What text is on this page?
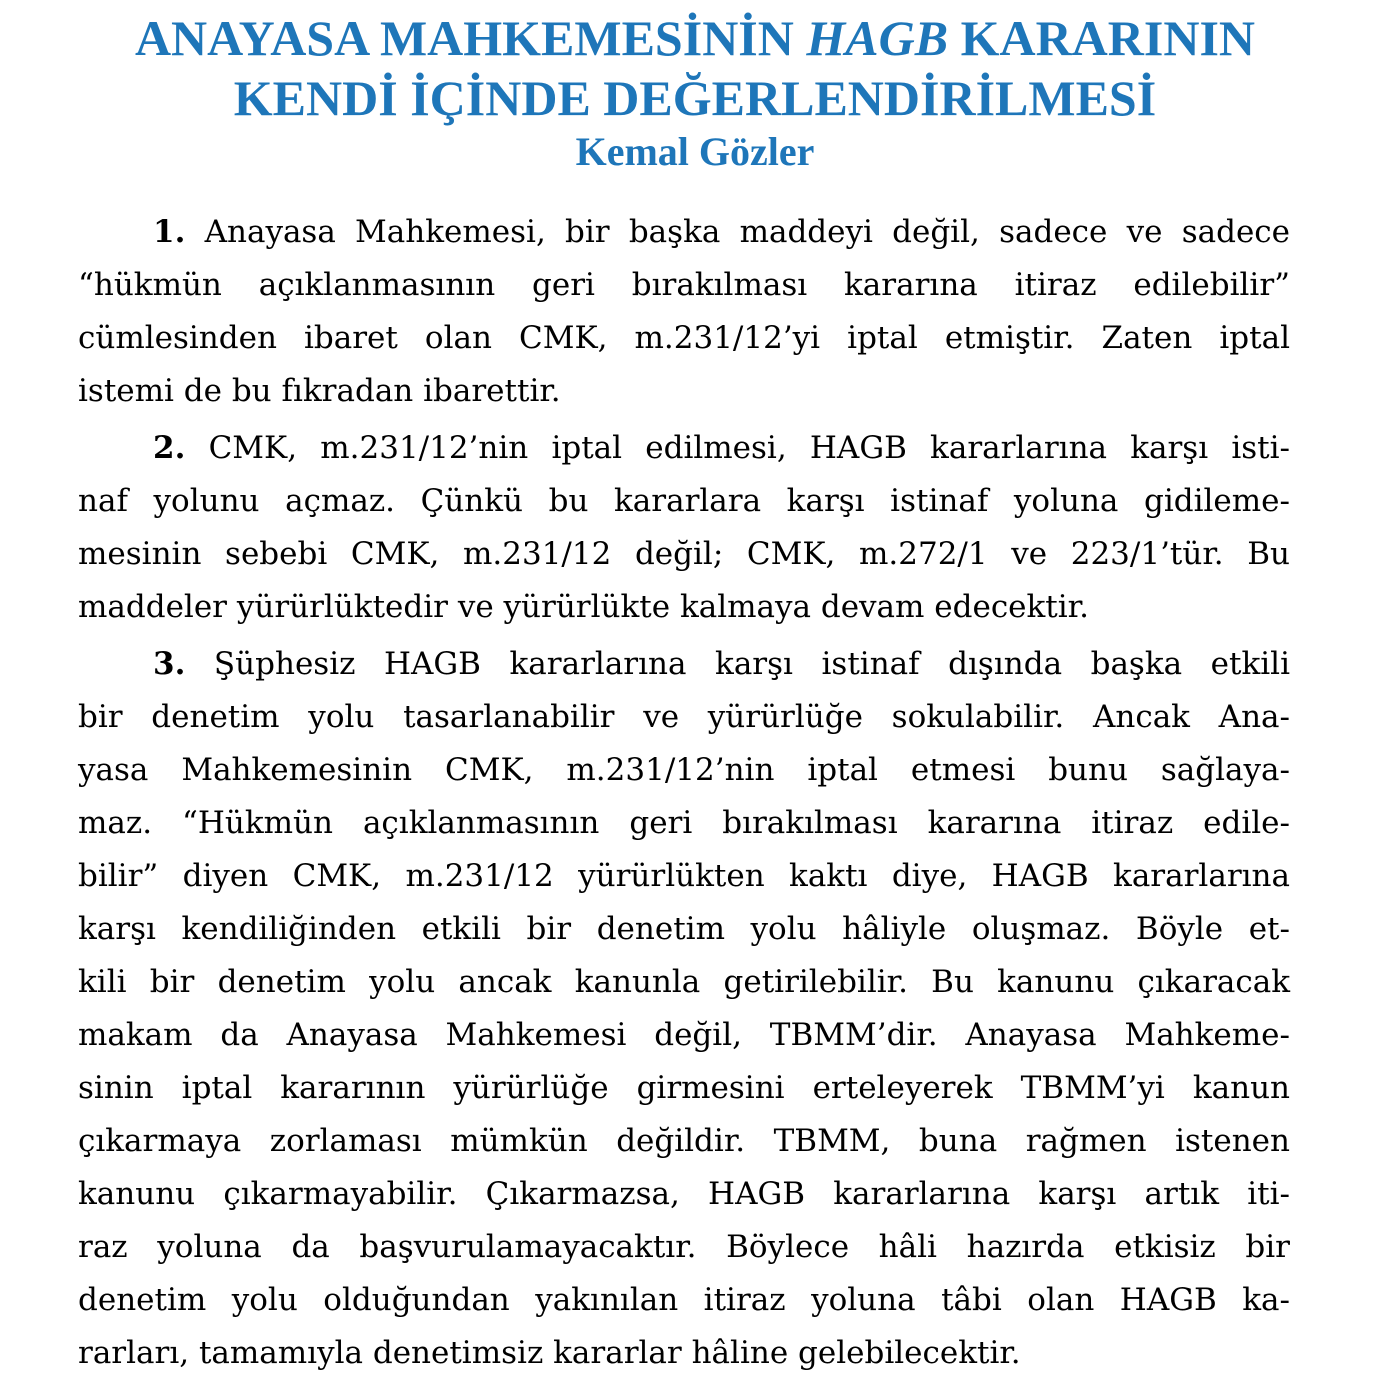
ANAYASA MAHKEMESİNİN HAGB KARARININ
KENDİ İÇİNDE DEĞERLENDİRİLMESİ
Kemal Gözler
1. Anayasa Mahkemesi, bir başka maddeyi değil, sadece ve sadece
“hükmün açıklanmasının geri bırakılması kararına itiraz edilebilir”
cümlesinden ibaret olan CMK, m.231/12’yi iptal etmiştir. Zaten iptal
istemi de bu fıkradan ibarettir.
2. CMK, m.231/12’nin iptal edilmesi, HAGB kararlarına karşı isti-
naf yolunu açmaz. Çünkü bu kararlara karşı istinaf yoluna gidileme-
mesinin sebebi CMK, m.231/12 değil; CMK, m.272/1 ve 223/1’tür. Bu
maddeler yürürlüktedir ve yürürlükte kalmaya devam edecektir.
3. Şüphesiz HAGB kararlarına karşı istinaf dışında başka etkili
bir denetim yolu tasarlanabilir ve yürürlüğe sokulabilir. Ancak Ana-
yasa Mahkemesinin CMK, m.231/12’nin iptal etmesi bunu sağlaya-
maz. “Hükmün açıklanmasının geri bırakılması kararına itiraz edile-
bilir” diyen CMK, m.231/12 yürürlükten kaktı diye, HAGB kararlarına
karşı kendiliğinden etkili bir denetim yolu hâliyle oluşmaz. Böyle et-
kili bir denetim yolu ancak kanunla getirilebilir. Bu kanunu çıkaracak
makam da Anayasa Mahkemesi değil, TBMM’dir. Anayasa Mahkeme-
sinin iptal kararının yürürlüğe girmesini erteleyerek TBMM’yi kanun
çıkarmaya zorlaması mümkün değildir. TBMM, buna rağmen istenen
kanunu çıkarmayabilir. Çıkarmazsa, HAGB kararlarına karşı artık iti-
raz yoluna da başvurulamayacaktır. Böylece hâli hazırda etkisiz bir
denetim yolu olduğundan yakınılan itiraz yoluna tâbi olan HAGB ka-
rarları, tamamıyla denetimsiz kararlar hâline gelebilecektir.
